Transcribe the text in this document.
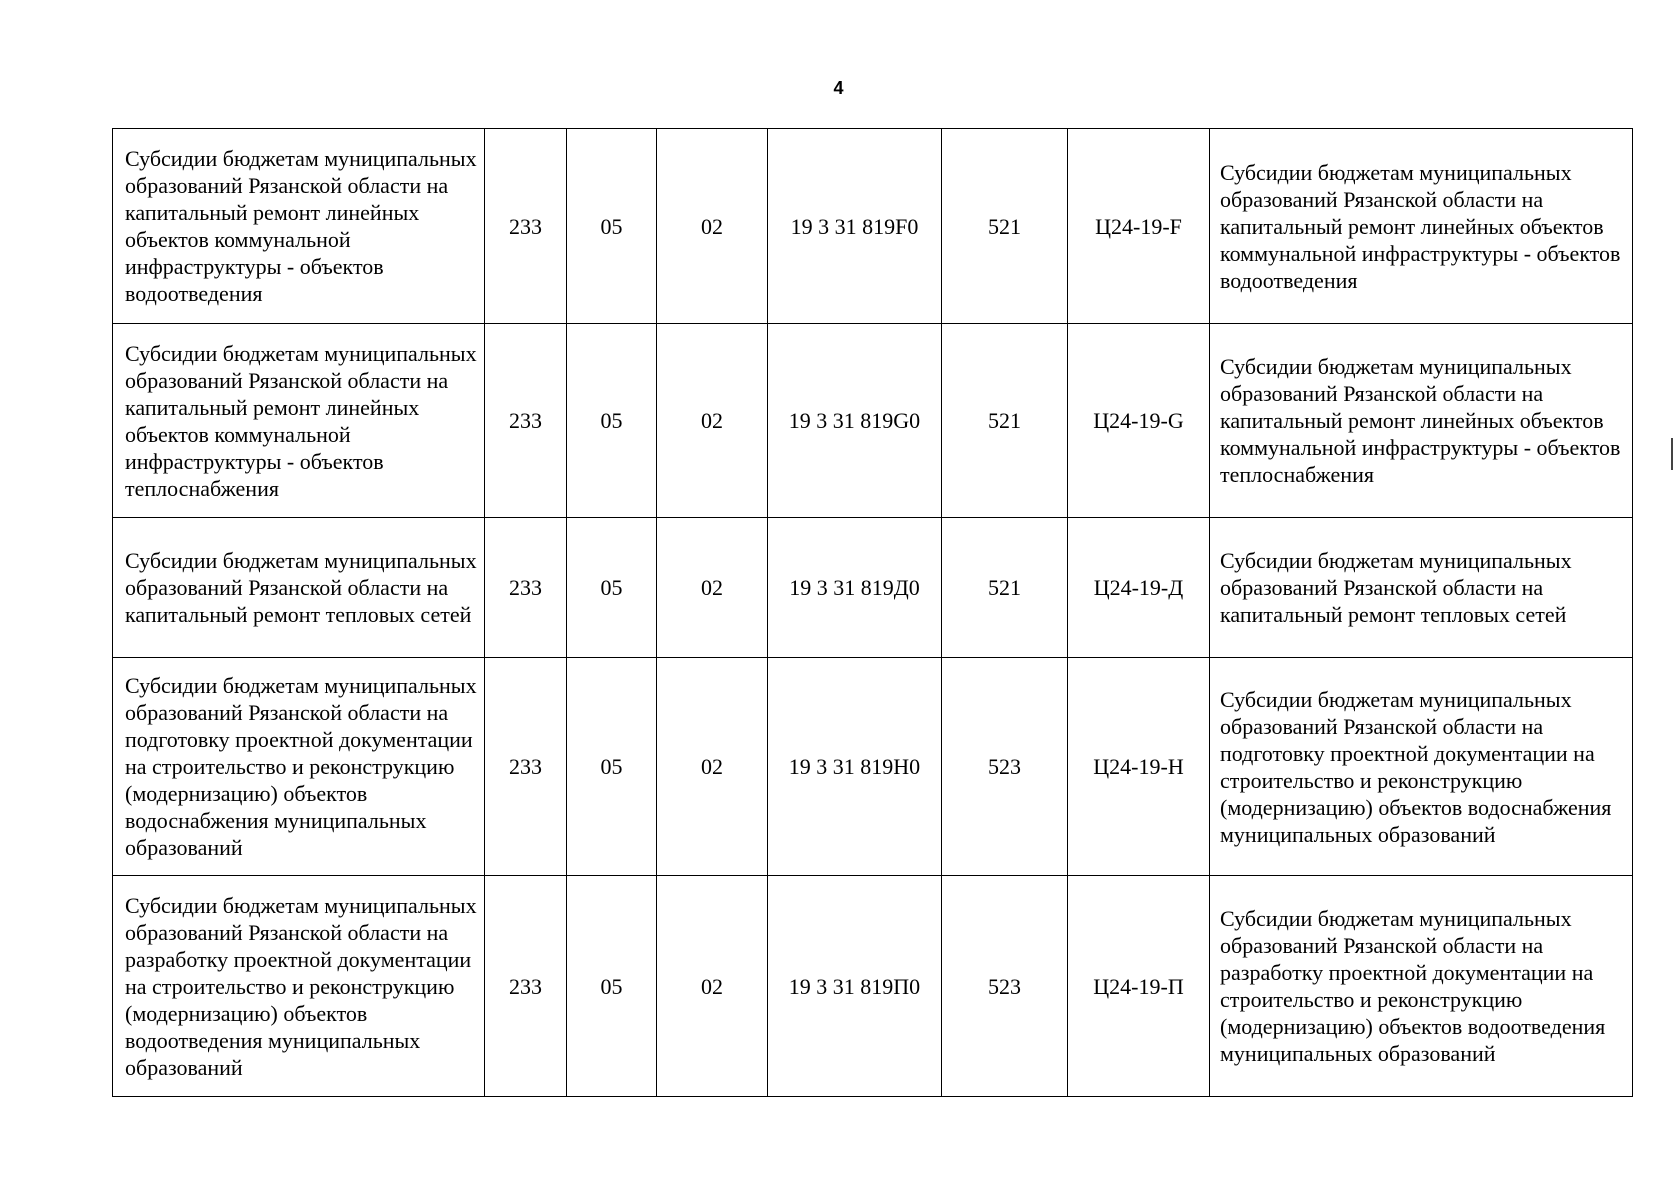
4
Субсидии бюджетам муниципальных образований Рязанской области на капитальный ремонт линейных объектов коммунальной инфраструктуры - объектов водоотведения	233	05	02	19 3 31 819F0	521	Ц24-19-F	Субсидии бюджетам муниципальных образований Рязанской области на капитальный ремонт линейных объектов коммунальной инфраструктуры - объектов водоотведения
Субсидии бюджетам муниципальных образований Рязанской области на капитальный ремонт линейных объектов коммунальной инфраструктуры - объектов теплоснабжения	233	05	02	19 3 31 819G0	521	Ц24-19-G	Субсидии бюджетам муниципальных образований Рязанской области на капитальный ремонт линейных объектов коммунальной инфраструктуры - объектов теплоснабжения
Субсидии бюджетам муниципальных образований Рязанской области на капитальный ремонт тепловых сетей	233	05	02	19 3 31 819Д0	521	Ц24-19-Д	Субсидии бюджетам муниципальных образований Рязанской области на капитальный ремонт тепловых сетей
Субсидии бюджетам муниципальных образований Рязанской области на подготовку проектной документации на строительство и реконструкцию (модернизацию) объектов водоснабжения муниципальных образований	233	05	02	19 3 31 819H0	523	Ц24-19-H	Субсидии бюджетам муниципальных образований Рязанской области на подготовку проектной документации на строительство и реконструкцию (модернизацию) объектов водоснабжения муниципальных образований
Субсидии бюджетам муниципальных образований Рязанской области на разработку проектной документации на строительство и реконструкцию (модернизацию) объектов водоотведения муниципальных образований	233	05	02	19 3 31 819П0	523	Ц24-19-П	Субсидии бюджетам муниципальных образований Рязанской области на разработку проектной документации на строительство и реконструкцию (модернизацию) объектов водоотведения муниципальных образований
